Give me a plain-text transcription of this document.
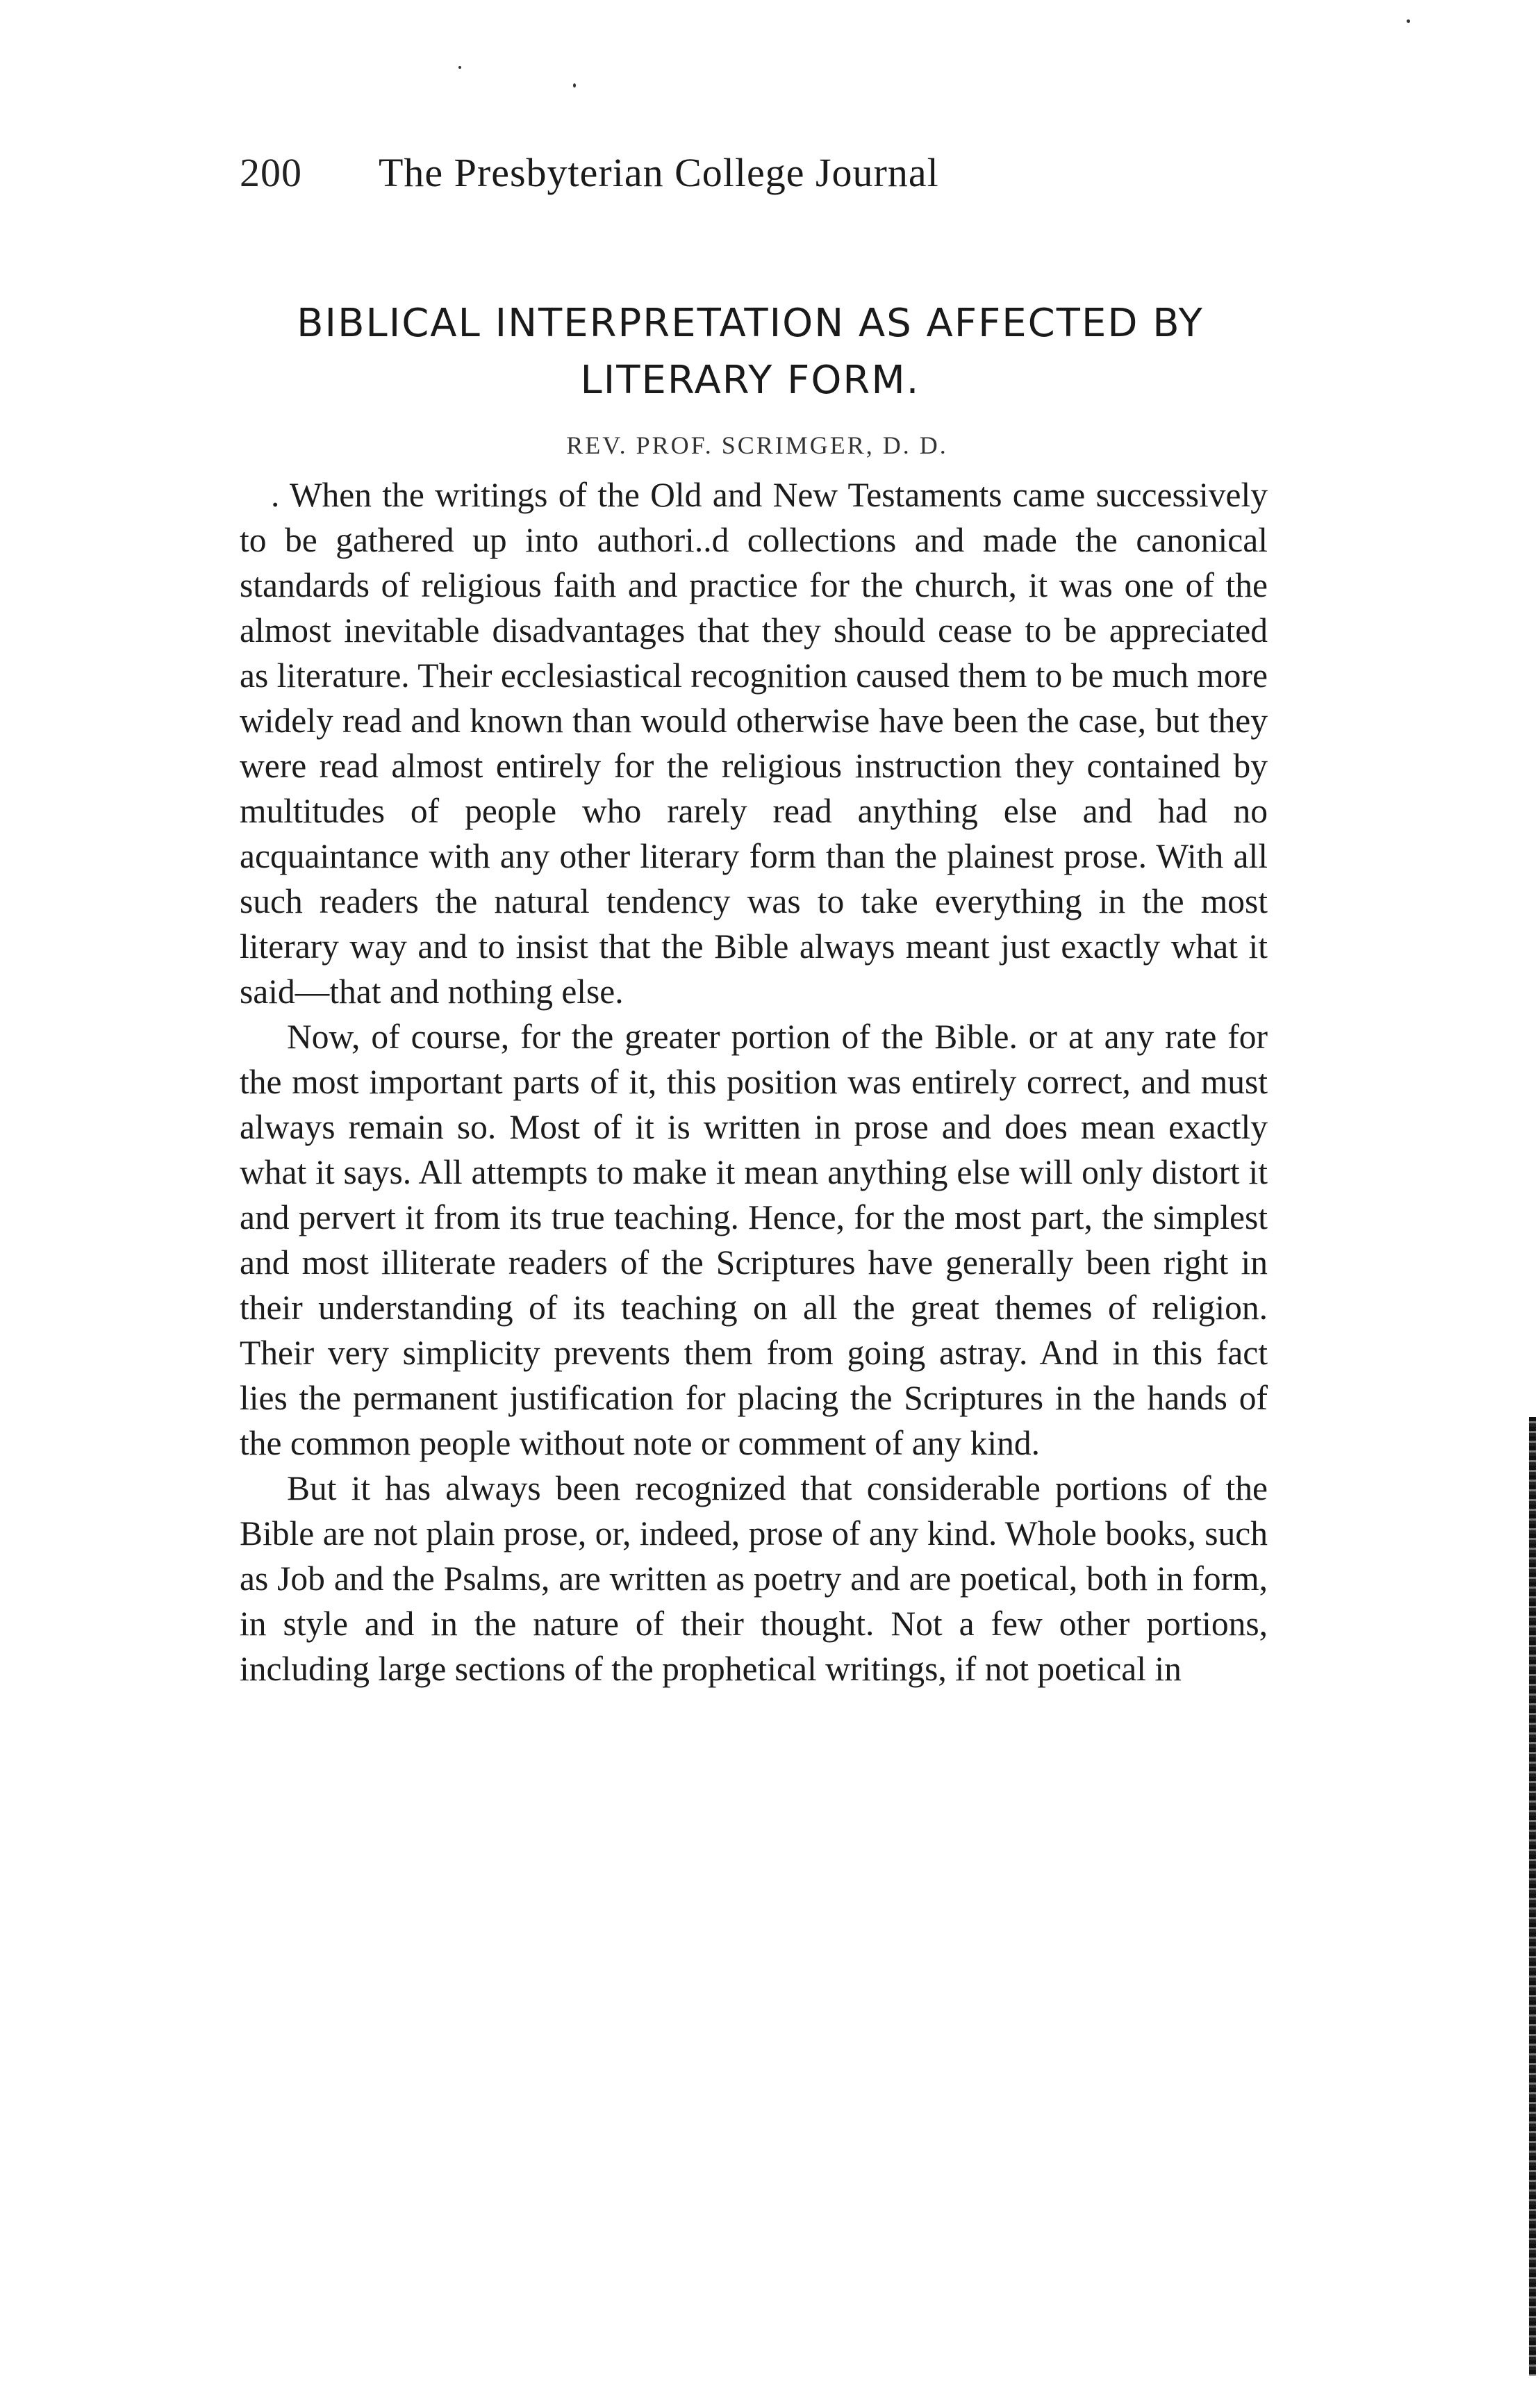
200 The Presbyterian College Journal
BIBLICAL INTERPRETATION AS AFFECTED BY
LITERARY FORM.
REV. PROF. SCRIMGER, D. D.

. When the writings of the Old and New Testaments came successively to be gathered up into authori..d collections and made the canonical standards of religious faith and practice for the church, it was one of the almost inevitable disadvantages that they should cease to be appreciated as literature. Their ecclesiastical recognition caused them to be much more widely read and known than would otherwise have been the case, but they were read almost entirely for the religious instruction they contained by multitudes of people who rarely read anything else and had no acquaintance with any other literary form than the plainest prose. With all such readers the natural tendency was to take everything in the most literary way and to insist that the Bible always meant just exactly what it said—that and nothing else.

Now, of course, for the greater portion of the Bible. or at any rate for the most important parts of it, this position was entirely correct, and must always remain so. Most of it is written in prose and does mean exactly what it says. All attempts to make it mean anything else will only distort it and pervert it from its true teaching. Hence, for the most part, the simplest and most illiterate readers of the Scriptures have generally been right in their understanding of its teaching on all the great themes of religion. Their very simplicity prevents them from going astray. And in this fact lies the permanent justification for placing the Scriptures in the hands of the common people without note or comment of any kind.

But it has always been recognized that considerable portions of the Bible are not plain prose, or, indeed, prose of any kind. Whole books, such as Job and the Psalms, are written as poetry and are poetical, both in form, in style and in the nature of their thought. Not a few other portions, including large sections of the prophetical writings, if not poetical in
